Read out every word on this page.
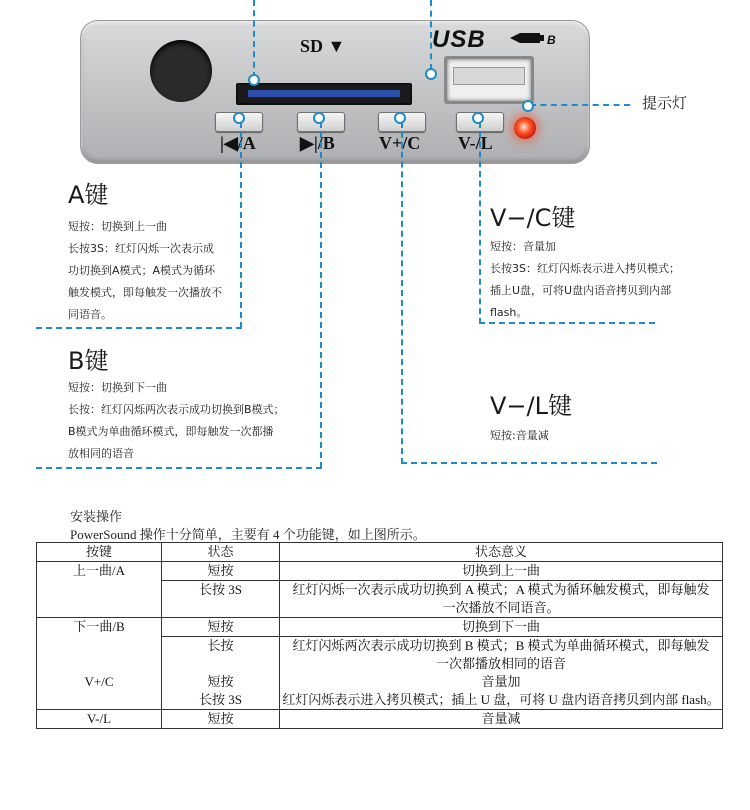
SD ▼	USB	B
|◀/A ▶|/B V+/C V-/L
提示灯
A键
短按：切换到上一曲
长按3S：红灯闪烁一次表示成
功切换到A模式；A模式为循环
触发模式，即每触发一次播放不
同语音。
B键
短按：切换到下一曲
长按：红灯闪烁两次表示成功切换到B模式；
B模式为单曲循环模式，即每触发一次都播
放相同的语音
V−/C键
短按：音量加
长按3S：红灯闪烁表示进入拷贝模式；
插上U盘，可将U盘内语音拷贝到内部
flash。
V−/L键
短按:音量减
安装操作
PowerSound 操作十分简单，主要有 4 个功能键，如上图所示。
按键	状态	状态意义
上一曲/A	短按	切换到上一曲
	长按 3S	红灯闪烁一次表示成功切换到 A 模式；A 模式为循环触发模式，即每触发
		一次播放不同语音。
下一曲/B	短按	切换到下一曲
	长按	红灯闪烁两次表示成功切换到 B 模式；B 模式为单曲循环模式，即每触发
		一次都播放相同的语音
V+/C	短按	音量加
	长按 3S	红灯闪烁表示进入拷贝模式；插上 U 盘，可将 U 盘内语音拷贝到内部 flash。
V-/L	短按	音量减
